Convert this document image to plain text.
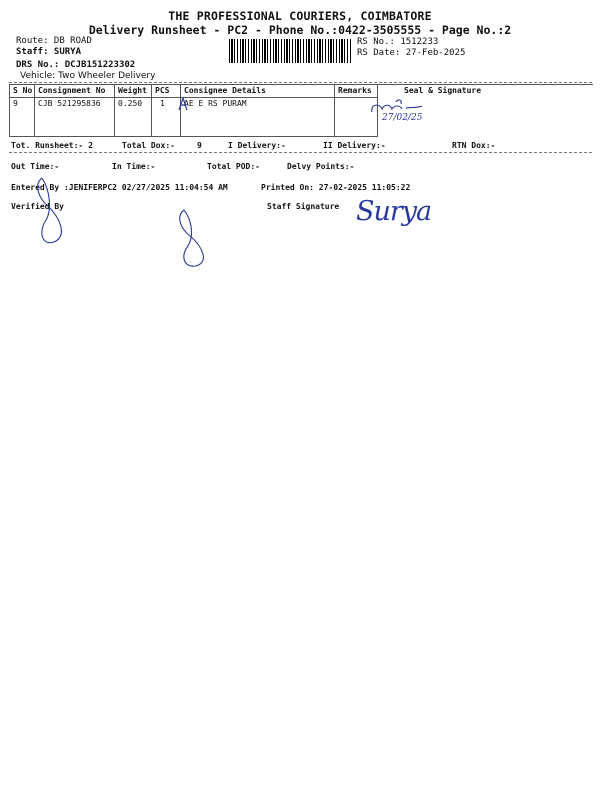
THE PROFESSIONAL COURIERS, COIMBATORE
Delivery Runsheet - PC2 - Phone No.:0422-3505555 - Page No.:2
Route: DB ROAD
Staff: SURYA
DRS No.: DCJB151223302
Vehicle: Two Wheeler Delivery
RS No.: 1512233
RS Date: 27-Feb-2025
S No	Consignment No	Weight	PCS	Consignee Details	Remarks	Seal & Signature
9	CJB 521295836	0.250	1	AE E RS PURAM		
27/02/25
Tot. Runsheet:- 2	Total Dox:-	9	I Delivery:-	II Delivery:-	RTN Dox:-
Out Time:-	In Time:-	Total POD:-	Delvy Points:-
Entered By :JENIFERPC2 02/27/2025 11:04:54 AM	Printed On: 27-02-2025 11:05:22
Verified By	Staff Signature Surya
